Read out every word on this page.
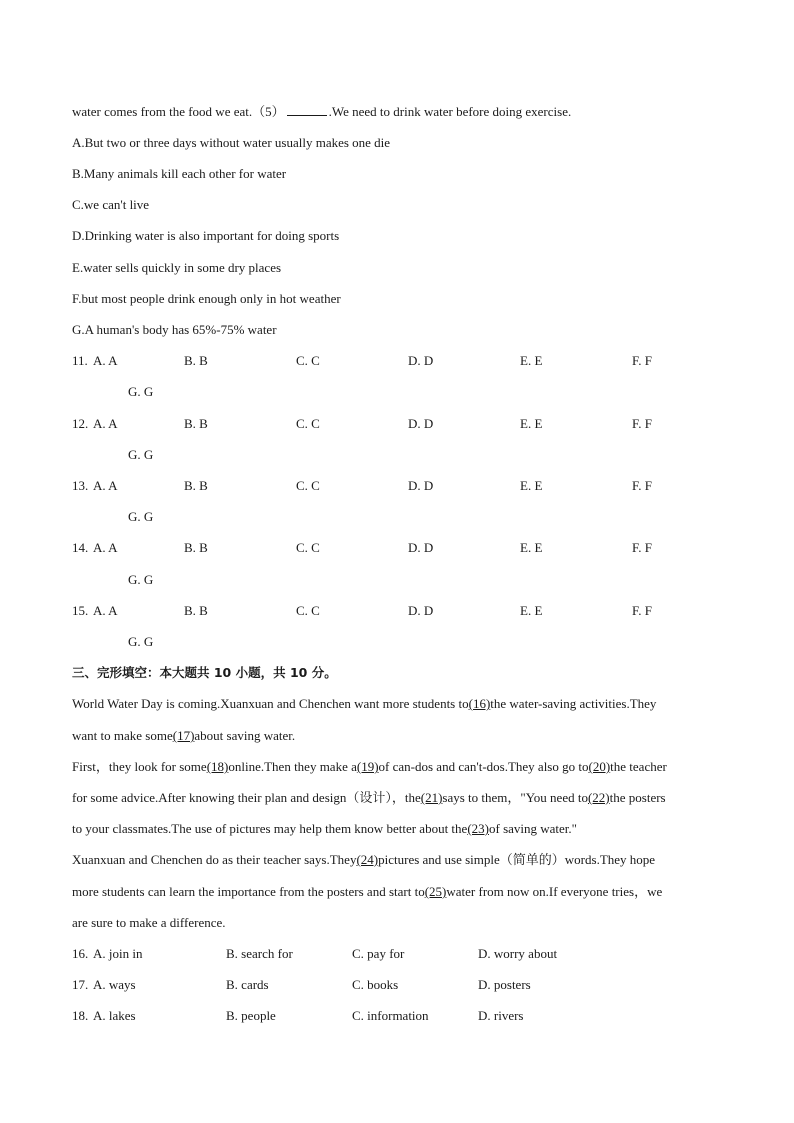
water comes from the food we eat.（5）	.We need to drink water before doing exercise.
A.But two or three days without water usually makes one die
B.Many animals kill each other for water
C.we can't live
D.Drinking water is also important for doing sports
E.water sells quickly in some dry places
F.but most people drink enough only in hot weather
G.A human's body has 65%-75% water
11. A. A	B. B	C. C	D. D	E. E	F. F
G. G
12. A. A	B. B	C. C	D. D	E. E	F. F
G. G
13. A. A	B. B	C. C	D. D	E. E	F. F
G. G
14. A. A	B. B	C. C	D. D	E. E	F. F
G. G
15. A. A	B. B	C. C	D. D	E. E	F. F
G. G
三、完形填空：本大题共 10 小题，共 10 分。
World Water Day is coming.Xuanxuan and Chenchen want more students to(16)the water-saving activities.They
want to make some(17)about saving water.
First，they look for some(18)online.Then they make a(19)of can-dos and can't-dos.They also go to(20)the teacher
for some advice.After knowing their plan and design（设计），the(21)says to them，"You need to(22)the posters
to your classmates.The use of pictures may help them know better about the(23)of saving water."
Xuanxuan and Chenchen do as their teacher says.They(24)pictures and use simple（简单的）words.They hope
more students can learn the importance from the posters and start to(25)water from now on.If everyone tries，we
are sure to make a difference.
16. A. join in	B. search for	C. pay for	D. worry about
17. A. ways	B. cards	C. books	D. posters
18. A. lakes	B. people	C. information	D. rivers
